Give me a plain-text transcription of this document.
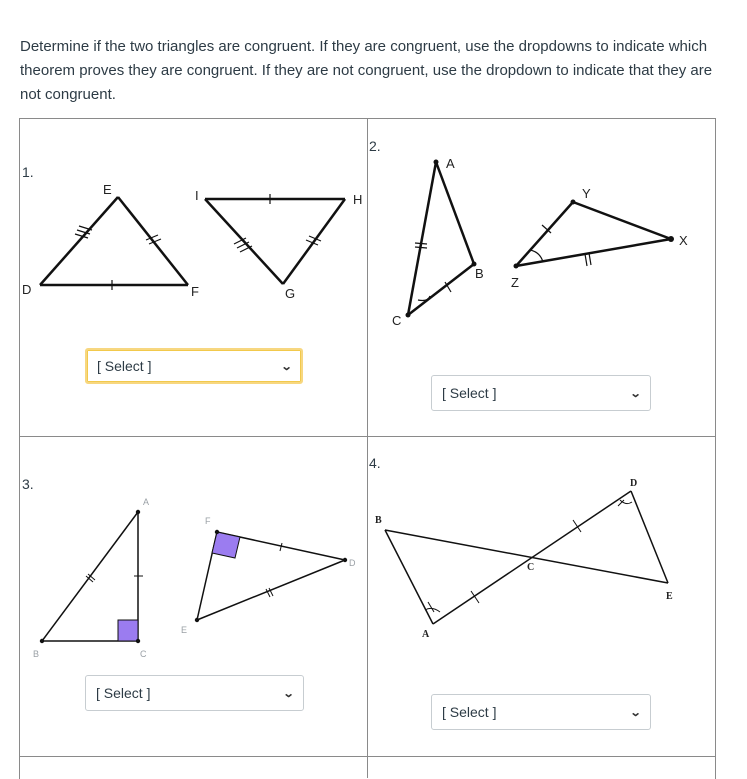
Determine if the two triangles are congruent. If they are congruent, use the dropdowns to indicate which theorem proves they are congruent. If they are not congruent, use the dropdown to indicate that they are not congruent.
1.
2.
3.
4.
D
E
F
I
G
H
A
B
C
Y
Z
X
A
B	C
F
E
D
B
D
C
E
A
[ Select ]	⌄
[ Select ]	⌄
[ Select ]	⌄
[ Select ]	⌄
